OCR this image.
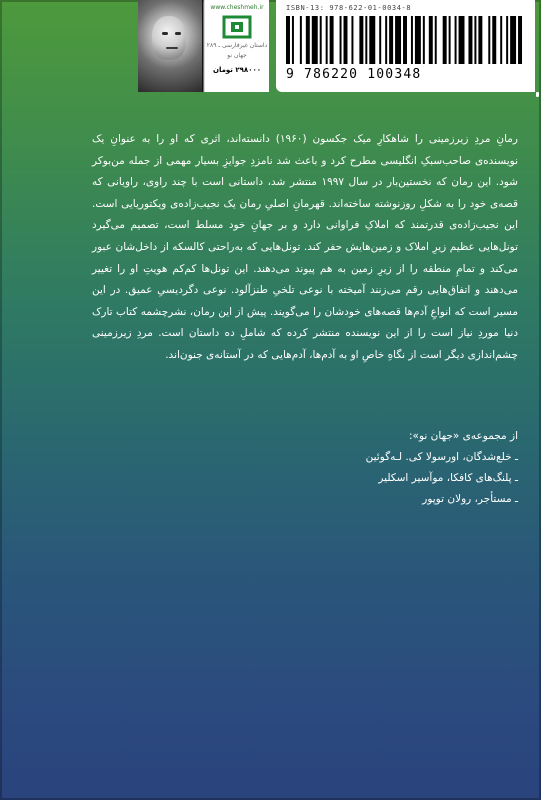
www.cheshmeh.ir
داستان غیرفارسی ـ ۲۸۹
جهان نو
۲۹۸۰۰۰ تومان
ISBN-13: 978-622-01-0034-8
9 786220 100348

رمانِ مردِ زیرزمینی را شاهکارِ میک جکسون (۱۹۶۰) دانسته‌اند، اثری که او را به عنوانِ یک نویسنده‌ی صاحب‌سبکِ انگلیسی مطرح کرد و باعث شد نامزدِ جوایزِ بسیار مهمی از جمله من‌بوکر شود. این رمان که نخستین‌بار در سال ۱۹۹۷ منتشر شد، داستانی است با چند راوی، راویانی که قصه‌ی خود را به شکلِ روزنوشته ساخته‌اند. قهرمانِ اصلیِ رمان یک نجیب‌زاده‌ی ویکتوریایی است. این نجیب‌زاده‌ی قدرتمند که املاکِ فراوانی دارد و بر جهانِ خود مسلط است، تصمیم می‌گیرد تونل‌هایی عظیم زیرِ املاک و زمین‌هایش حفر کند. تونل‌هایی که به‌راحتی کالسکه از داخل‌شان عبور می‌کند و تمامِ منطقه را از زیرِ زمین به هم پیوند می‌دهند. این تونل‌ها کم‌کم هویت‌ِ او را تغییر می‌دهند و اتفاق‌هایی رقم می‌زنند آمیخته با نوعی تلخیِ طنزآلود. نوعی دگردیسیِ عمیق. در این مسیر است که انواعِ آدم‌ها قصه‌های خودشان را می‌گویند. پیش از این رمان، نشرچشمه کتاب تارک دنیا موردِ نیاز است را از این نویسنده منتشر کرده که شاملِ ده داستان است. مردِ زیرزمینی چشم‌اندازی دیگر است از نگاهِ خاصِ او به آدم‌ها، آدم‌هایی که در آستانه‌ی جنون‌اند.

از مجموعه‌ی «جهان نو»:
ـ خلع‌شدگان، اورسولا کی. لـه‌گوئین
ـ پلنگ‌های کافکا، موآسیر اسکلیر
ـ مستأجر، رولان توپور
